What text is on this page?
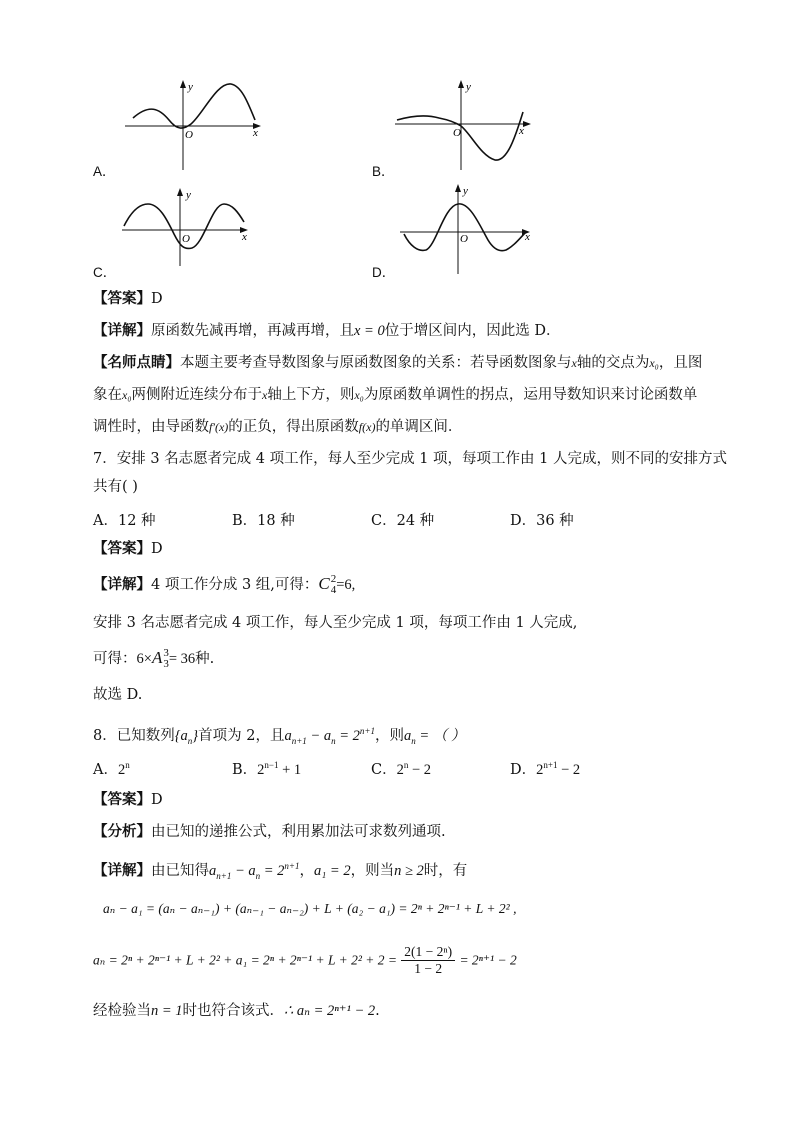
y
x
O
A．
y
x
O
B．
y
x
O
C．
y
x
O
D．
【答案】D
【详解】原函数先减再增，再减再增，且x = 0位于增区间内，因此选 D．
【名师点睛】本题主要考查导数图象与原函数图象的关系：若导函数图象与x轴的交点为x₀，且图
象在x₀两侧附近连续分布于x轴上下方，则x₀为原函数单调性的拐点，运用导数知识来讨论函数单
调性时，由导函数f′(x)的正负，得出原函数f(x)的单调区间．
7．安排 3 名志愿者完成 4 项工作，每人至少完成 1 项，每项工作由 1 人完成，则不同的安排方式
共有( )
A．12 种	B．18 种	C．24 种	D．36 种
【答案】D
【详解】4 项工作分成 3 组,可得：C 2
4 =6,
安排 3 名志愿者完成 4 项工作，每人至少完成 1 项，每项工作由 1 人完成,
可得：6×A 3
3 = 36种.
故选 D.
8．已知数列$\{a_n\}$首项为 2，且$a_{n+1} - a_n = 2^{n+1}$，则$a_n$ = （ ）
A．2$^n$	B．$2^{n-1} + 1$	C．$2^n - 2$	D．$2^{n+1} - 2$
【答案】D
【分析】由已知的递推公式，利用累加法可求数列通项.
【详解】由已知得$a_{n+1} - a_n = 2^{n+1}$，a₁ = 2，则当n ≥ 2时，有
aₙ − a₁ = (aₙ − aₙ₋₁) + (aₙ₋₁ − aₙ₋₂) + L + (a₂ − a₁) = 2ⁿ + 2ⁿ⁻¹ + L + 2² ,
$a_n = 2^n + 2^{n-1} + L + 2^2 + a_1 = 2^n + 2^{n-1} + L + 2^2 + 2 = \frac{\text{2(1 − 2ⁿ)}}{1 - 2} = 2^{n+1} - 2$
经检验当n = 1时也符合该式．∴ aₙ = 2ⁿ⁺¹ − 2.
